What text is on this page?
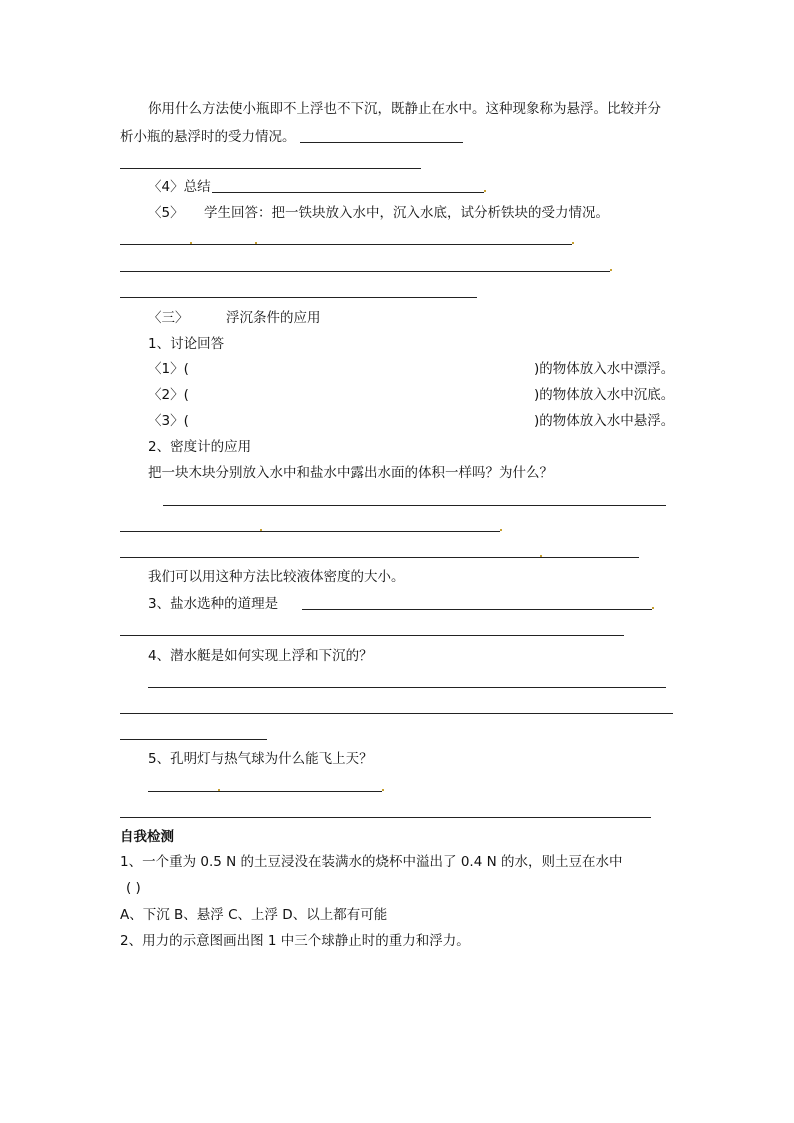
你用什么方法使小瓶即不上浮也不下沉，既静止在水中。这种现象称为悬浮。比较并分
析小瓶的悬浮时的受力情况。
〈4〉总结
〈5〉 学生回答：把一铁块放入水中，沉入水底，试分析铁块的受力情况。
〈三〉	浮沉条件的应用
1、讨论回答
〈1〉(	)的物体放入水中漂浮。
〈2〉(	)的物体放入水中沉底。
〈3〉(	)的物体放入水中悬浮。
2、密度计的应用
把一块木块分别放入水中和盐水中露出水面的体积一样吗？为什么？
我们可以用这种方法比较液体密度的大小。
3、盐水选种的道理是
4、潜水艇是如何实现上浮和下沉的？
5、孔明灯与热气球为什么能飞上天？
自我检测
1、一个重为 0.5 N 的土豆浸没在装满水的烧杯中溢出了 0.4 N 的水，则土豆在水中
( )
A、下沉 B、悬浮 C、上浮 D、以上都有可能
2、用力的示意图画出图 1 中三个球静止时的重力和浮力。
